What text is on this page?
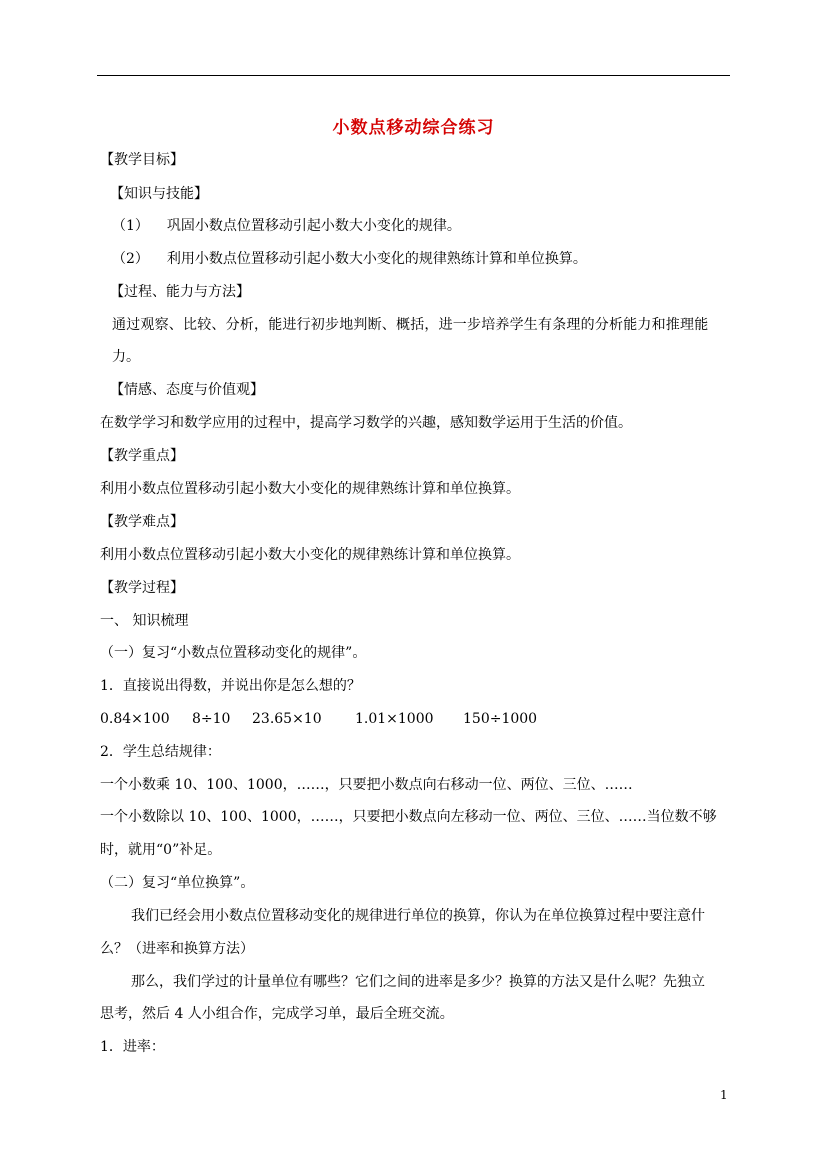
小数点移动综合练习
【教学目标】
【知识与技能】
（1） 巩固小数点位置移动引起小数大小变化的规律。
（2） 利用小数点位置移动引起小数大小变化的规律熟练计算和单位换算。
【过程、能力与方法】
通过观察、比较、分析，能进行初步地判断、概括，进一步培养学生有条理的分析能力和推理能
力。
【情感、态度与价值观】
在数学学习和数学应用的过程中，提高学习数学的兴趣，感知数学运用于生活的价值。
【教学重点】
利用小数点位置移动引起小数大小变化的规律熟练计算和单位换算。
【教学难点】
利用小数点位置移动引起小数大小变化的规律熟练计算和单位换算。
【教学过程】
一、 知识梳理
（一）复习“小数点位置移动变化的规律”。
1．直接说出得数，并说出你是怎么想的？
0.84×100 8÷10 23.65×10 1.01×1000 150÷1000
2．学生总结规律：
一个小数乘 10、100、1000，……，只要把小数点向右移动一位、两位、三位、……
一个小数除以 10、100、1000，……，只要把小数点向左移动一位、两位、三位、……当位数不够
时，就用“0”补足。
（二）复习“单位换算”。
我们已经会用小数点位置移动变化的规律进行单位的换算，你认为在单位换算过程中要注意什
么？（进率和换算方法）
那么，我们学过的计量单位有哪些？它们之间的进率是多少？换算的方法又是什么呢？先独立
思考，然后 4 人小组合作，完成学习单，最后全班交流。
1．进率：
1
